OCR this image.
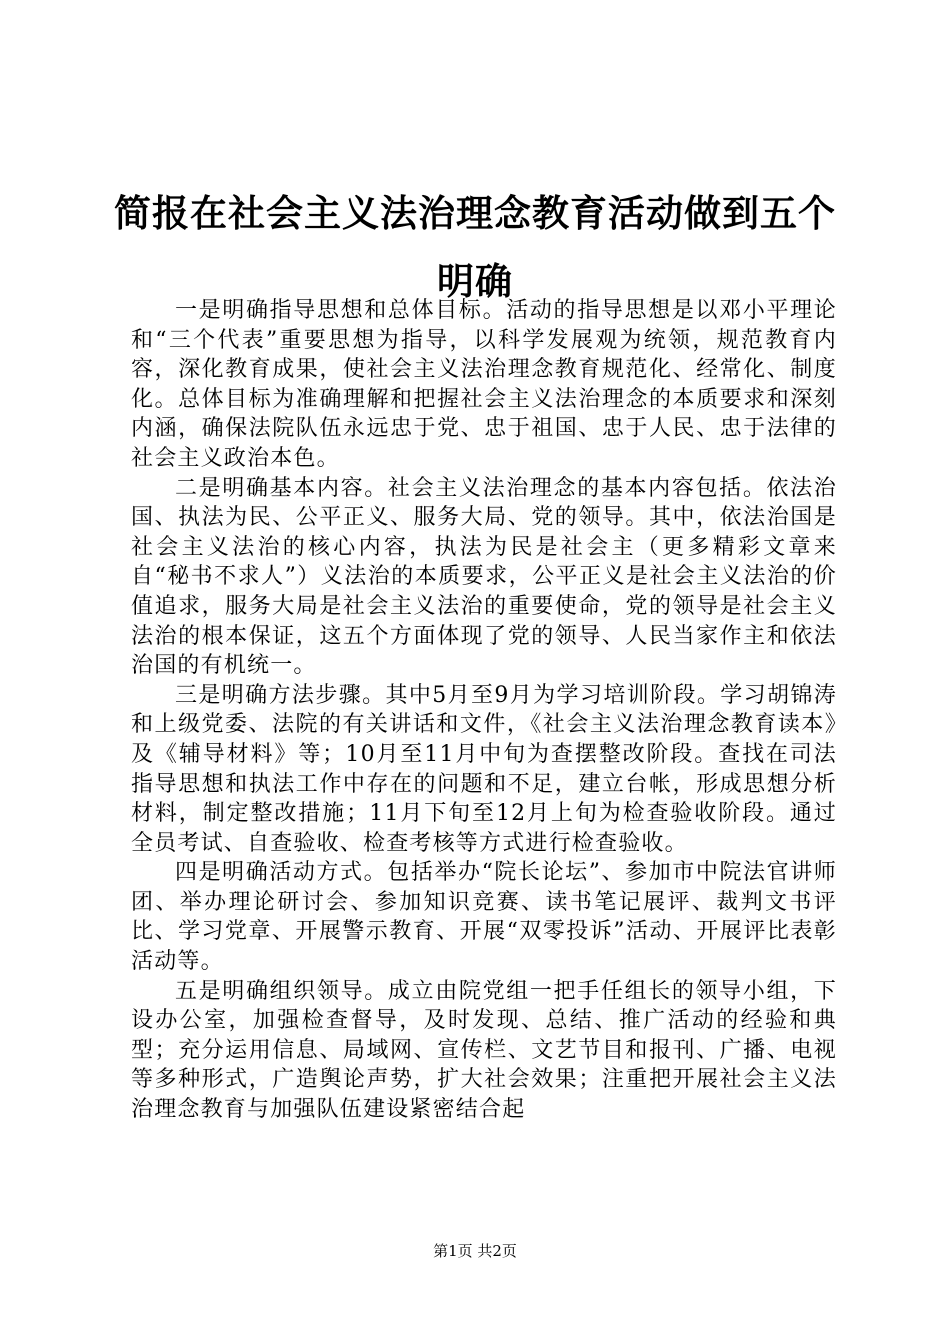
简报在社会主义法治理念教育活动做到五个明确

一是明确指导思想和总体目标。活动的指导思想是以邓小平理论和“三个代表”重要思想为指导，以科学发展观为统领，规范教育内容，深化教育成果，使社会主义法治理念教育规范化、经常化、制度化。总体目标为准确理解和把握社会主义法治理念的本质要求和深刻内涵，确保法院队伍永远忠于党、忠于祖国、忠于人民、忠于法律的社会主义政治本色。

二是明确基本内容。社会主义法治理念的基本内容包括。依法治国、执法为民、公平正义、服务大局、党的领导。其中，依法治国是社会主义法治的核心内容，执法为民是社会主（更多精彩文章来自“秘书不求人”）义法治的本质要求，公平正义是社会主义法治的价值追求，服务大局是社会主义法治的重要使命，党的领导是社会主义法治的根本保证，这五个方面体现了党的领导、人民当家作主和依法治国的有机统一。

三是明确方法步骤。其中5月至9月为学习培训阶段。学习胡锦涛和上级党委、法院的有关讲话和文件，《社会主义法治理念教育读本》及《辅导材料》等；10月至11月中旬为查摆整改阶段。查找在司法指导思想和执法工作中存在的问题和不足，建立台帐，形成思想分析材料，制定整改措施；11月下旬至12月上旬为检查验收阶段。通过全员考试、自查验收、检查考核等方式进行检查验收。

四是明确活动方式。包括举办“院长论坛”、参加市中院法官讲师团、举办理论研讨会、参加知识竞赛、读书笔记展评、裁判文书评比、学习党章、开展警示教育、开展“双零投诉”活动、开展评比表彰活动等。

五是明确组织领导。成立由院党组一把手任组长的领导小组，下设办公室，加强检查督导，及时发现、总结、推广活动的经验和典型；充分运用信息、局域网、宣传栏、文艺节目和报刊、广播、电视等多种形式，广造舆论声势，扩大社会效果；注重把开展社会主义法治理念教育与加强队伍建设紧密结合起

第1页 共2页
